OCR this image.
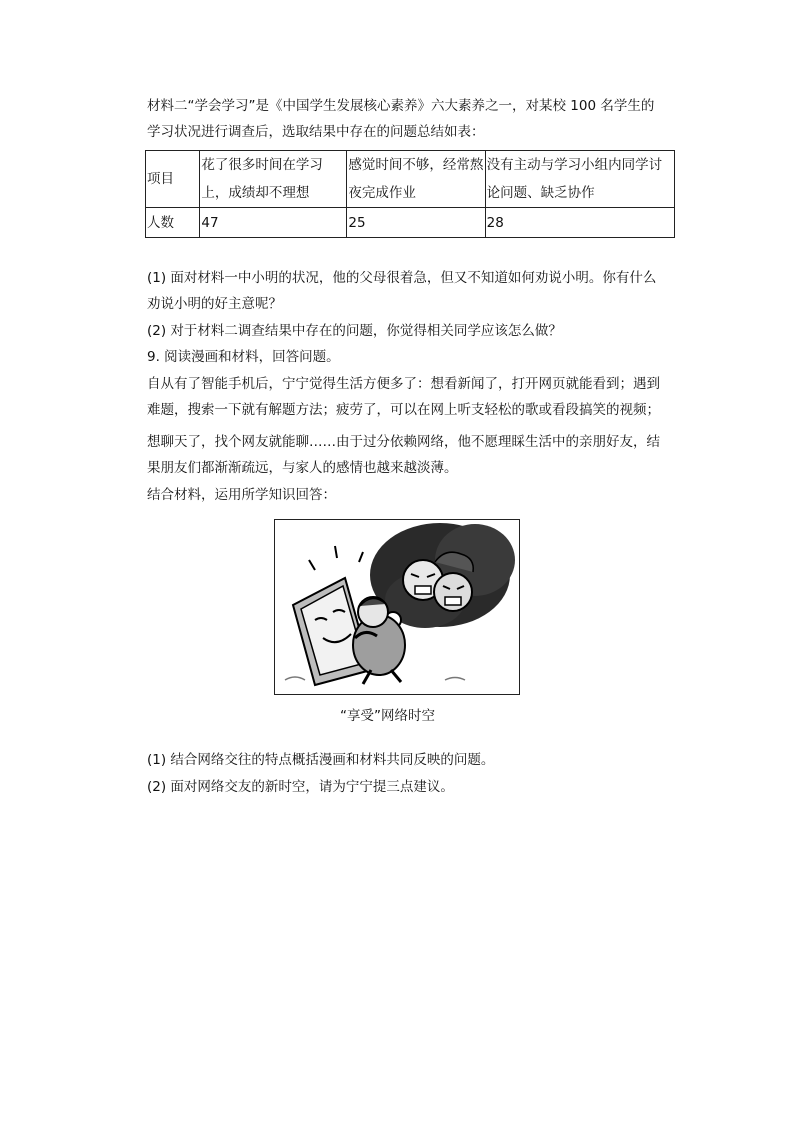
材料二“学会学习”是《中国学生发展核心素养》六大素养之一，对某校 100 名学生的
学习状况进行调查后，选取结果中存在的问题总结如表：
项目	花了很多时间在学习上，成绩却不理想	感觉时间不够，经常熬夜完成作业	没有主动与学习小组内同学讨论问题、缺乏协作

人数	47	25	28
(1) 面对材料一中小明的状况，他的父母很着急，但又不知道如何劝说小明。你有什么
劝说小明的好主意呢？
(2) 对于材料二调查结果中存在的问题，你觉得相关同学应该怎么做？
9. 阅读漫画和材料，回答问题。
自从有了智能手机后，宁宁觉得生活方便多了：想看新闻了，打开网页就能看到；遇到
难题，搜索一下就有解题方法；疲劳了，可以在网上听支轻松的歌或看段搞笑的视频；
想聊天了，找个网友就能聊……由于过分依赖网络，他不愿理睬生活中的亲朋好友，结
果朋友们都渐渐疏远，与家人的感情也越来越淡薄。
结合材料，运用所学知识回答：
“享受”网络时空
(1) 结合网络交往的特点概括漫画和材料共同反映的问题。
(2) 面对网络交友的新时空，请为宁宁提三点建议。
